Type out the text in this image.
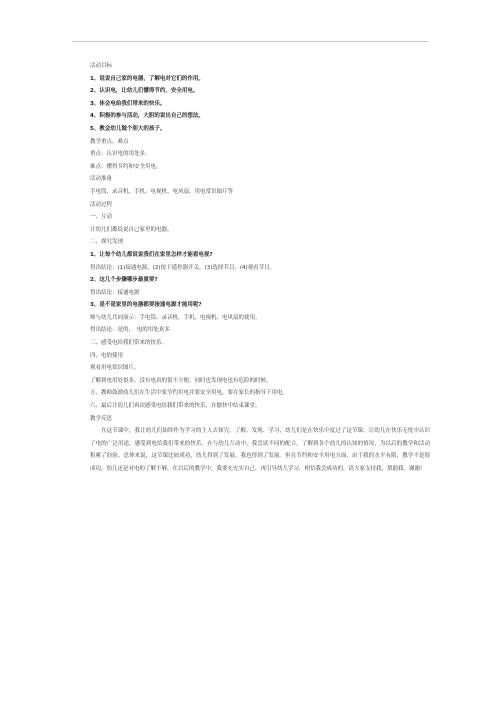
活动目标
1、说说自己家的电器，了解电对它们的作用。
2、认识电，让幼儿们懂得节约、安全用电。
3、体会电给我们带来的快乐。
4、积极的参与活动，大胆的说出自己的想法。
5、教会幼儿做个胆大的孩子。
教学重点、难点
重点：认识电的用处多。
难点：懂得节约和安全用电。
活动准备
手电筒、录音机、手机、电视机、电风扇、用电常识图片等
活动过程
一、互动
让幼儿们都说说自己家里的电器。
二、探究发现
1、让每个幼儿都说说我们在家里怎样才能看电视?
得出结论：(1)接通电源，(2)按下遥控器开关，(3)选择节目，(4)观看节目。
2、这几个步骤哪步最重要?
得出结论：接通电源
3、是不是家里的电器都要接通电源才能用呢?
师与幼儿共同演示：手电筒、录音机、手机、电视机、电风扇的使用。
得出结论：是的，　电的用处真多
三、感受电给我们带来的快乐。
四、电的使用
观看用电常识图片。
了解到电用处很多，没有电真的很不方便，同时也发现电也有危险的时候。
五、教师鼓励幼儿们在生活中要节约用电并要安全用电，要在家长的指导下用电。
六、最后让幼儿们再次感受电给我们带来的快乐，在愉快中结束课堂。
教学反思
在这节课中，我让幼儿们始终作为学习的主人去探究、了解、发现、学习，幼儿们是在快乐中度过了这节课。让幼儿在快乐无忧中认识了电的广泛用途，感受到电给我们带来的快乐。在与幼儿互动中，我尝试不同的配合，了解到各个幼儿的认知的情况，为以后的教学和活动积累了经验。总体来说，这节课比较成功，幼儿得到了发展，我也得到了发展。但在节约和安全用电方面，由于我的水平有限，教学不是很成功，幼儿还是对电的了解不够，在以后的教学中，我要充充实自己，再引导幼儿学习，相信我会成功的，请大家支持我，帮助我。谢谢!
